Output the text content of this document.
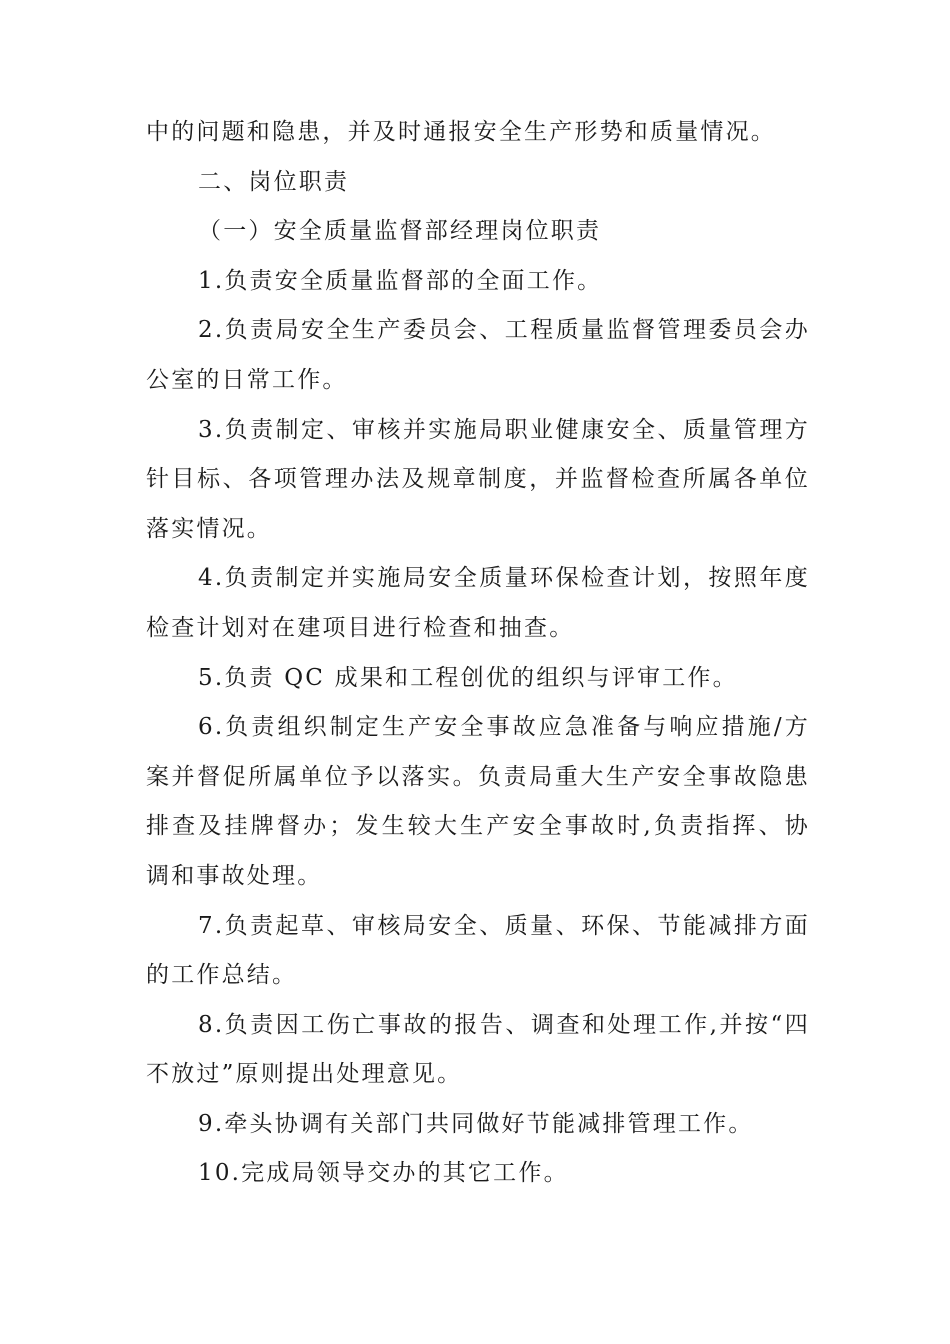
中的问题和隐患，并及时通报安全生产形势和质量情况。

二、岗位职责

（一）安全质量监督部经理岗位职责

1.负责安全质量监督部的全面工作。

2.负责局安全生产委员会、工程质量监督管理委员会办公室的日常工作。

3.负责制定、审核并实施局职业健康安全、质量管理方针目标、各项管理办法及规章制度，并监督检查所属各单位落实情况。

4.负责制定并实施局安全质量环保检查计划，按照年度检查计划对在建项目进行检查和抽查。

5.负责 QC 成果和工程创优的组织与评审工作。

6.负责组织制定生产安全事故应急准备与响应措施/方案并督促所属单位予以落实。负责局重大生产安全事故隐患排查及挂牌督办；发生较大生产安全事故时,负责指挥、协调和事故处理。

7.负责起草、审核局安全、质量、环保、节能减排方面的工作总结。

8.负责因工伤亡事故的报告、调查和处理工作,并按“四不放过”原则提出处理意见。

9.牵头协调有关部门共同做好节能减排管理工作。

10.完成局领导交办的其它工作。
